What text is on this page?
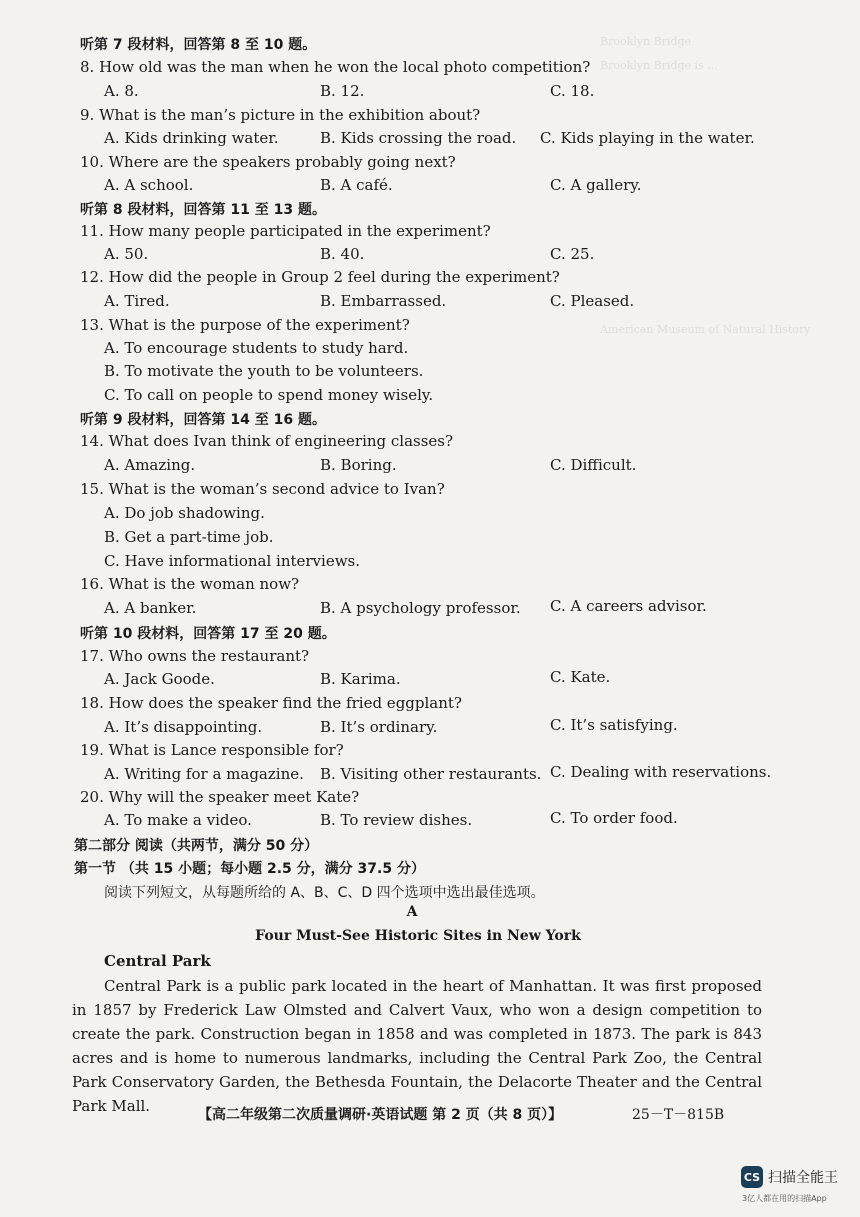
Brooklyn Bridge
Brooklyn Bridge is ...
American Museum of Natural History
听第 7 段材料，回答第 8 至 10 题。
8. How old was the man when he won the local photo competition?
A. 8.	B. 12.	C. 18.
9. What is the man’s picture in the exhibition about?
A. Kids drinking water.	B. Kids crossing the road. C. Kids playing in the water.
10. Where are the speakers probably going next?
A. A school.	B. A café.	C. A gallery.
听第 8 段材料，回答第 11 至 13 题。
11. How many people participated in the experiment?
A. 50.	B. 40.	C. 25.
12. How did the people in Group 2 feel during the experiment?
A. Tired.	B. Embarrassed.	C. Pleased.
13. What is the purpose of the experiment?
A. To encourage students to study hard.
B. To motivate the youth to be volunteers.
C. To call on people to spend money wisely.
听第 9 段材料，回答第 14 至 16 题。
14. What does Ivan think of engineering classes?
A. Amazing.	B. Boring.	C. Difficult.
15. What is the woman’s second advice to Ivan?
A. Do job shadowing.
B. Get a part-time job.
C. Have informational interviews.
16. What is the woman now?
A. A banker.	B. A psychology professor. C. A careers advisor.
听第 10 段材料，回答第 17 至 20 题。
17. Who owns the restaurant?
A. Jack Goode.	B. Karima.	C. Kate.
18. How does the speaker find the fried eggplant?
A. It’s disappointing.	B. It’s ordinary.	C. It’s satisfying.
19. What is Lance responsible for?
A. Writing for a magazine. B. Visiting other restaurants. C. Dealing with reservations.
20. Why will the speaker meet Kate?
A. To make a video.	B. To review dishes.	C. To order food.
第二部分 阅读（共两节，满分 50 分）
第一节 （共 15 小题；每小题 2.5 分，满分 37.5 分）
阅读下列短文，从每题所给的 A、B、C、D 四个选项中选出最佳选项。
A
Four Must-See Historic Sites in New York
Central Park
Central Park is a public park located in the heart of Manhattan. It was first proposed in 1857 by Frederick Law Olmsted and Calvert Vaux, who won a design competition to create the park. Construction began in 1858 and was completed in 1873. The park is 843 acres and is home to numerous landmarks, including the Central Park Zoo, the Central Park Conservatory Garden, the Bethesda Fountain, the Delacorte Theater and the Central Park Mall.	【高二年级第二次质量调研·英语试题 第 2 页（共 8 页）】	25－T－815B
CS 扫描全能王
3亿人都在用的扫描App
